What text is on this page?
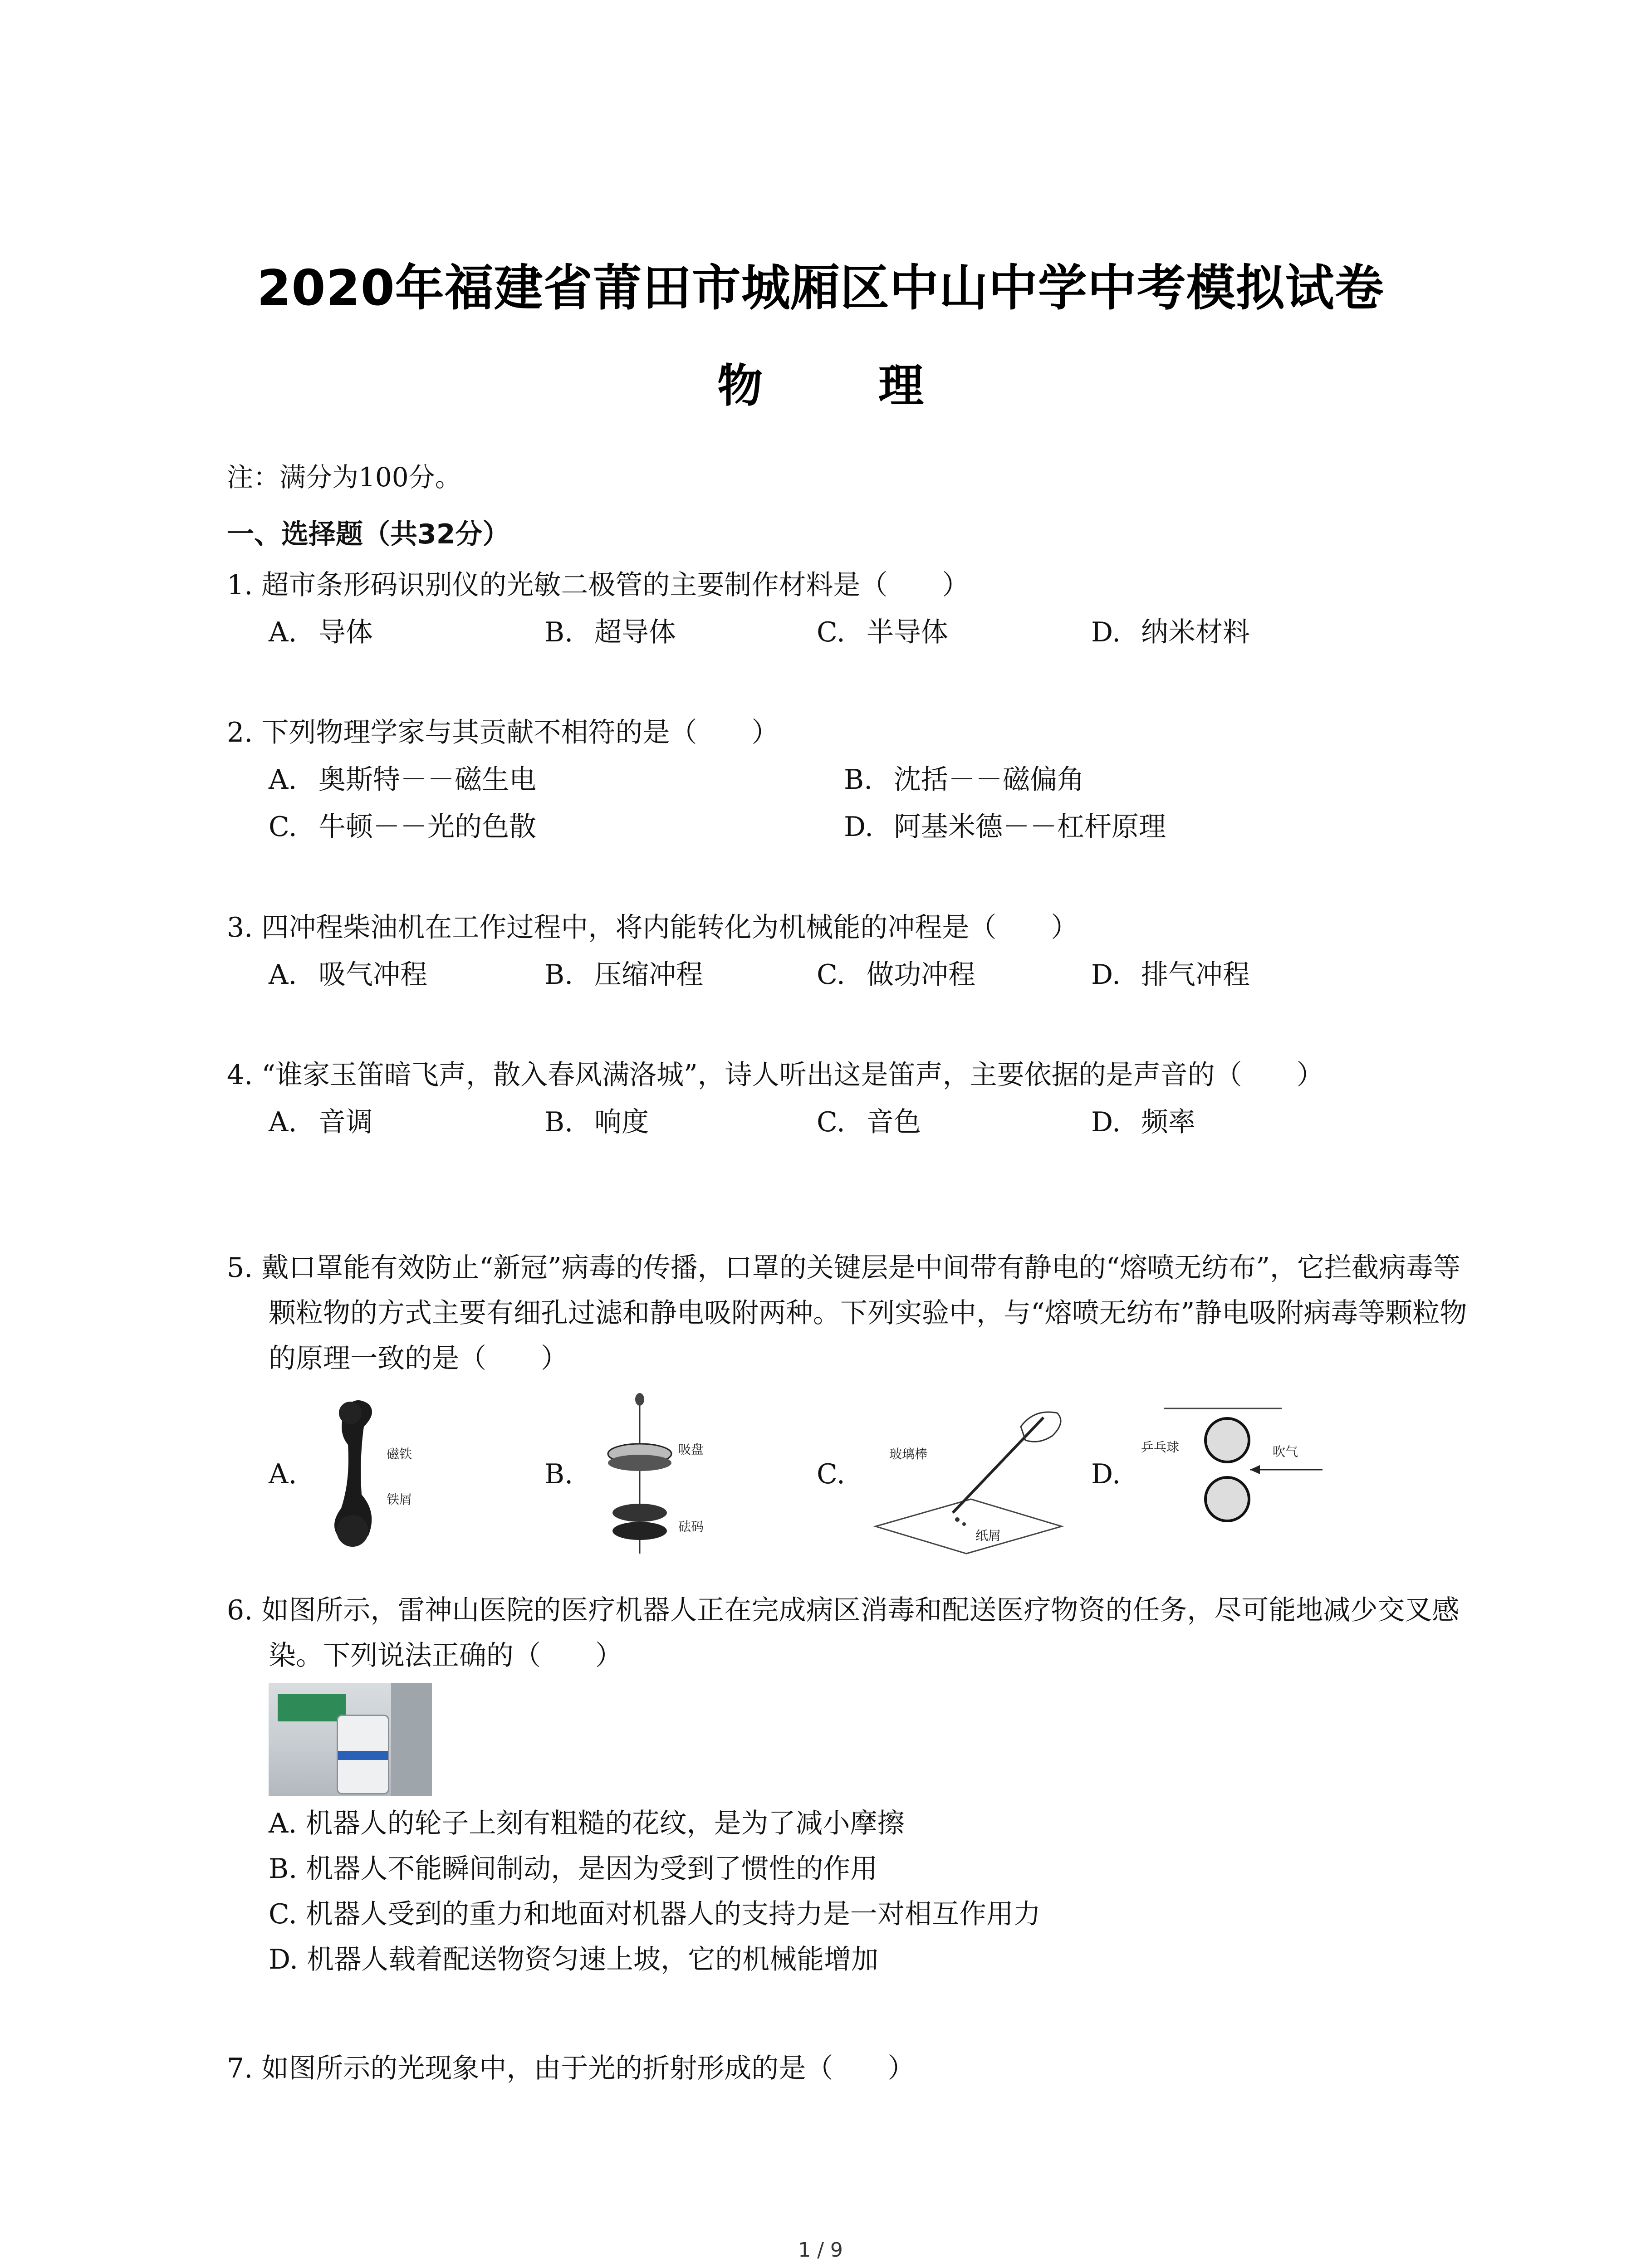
2020年福建省莆田市城厢区中山中学中考模拟试卷
物 理
注：满分为100分。
一、选择题（共32分）
1. 超市条形码识别仪的光敏二极管的主要制作材料是（　　）
A. 导体	B. 超导体	C. 半导体	D. 纳米材料
2. 下列物理学家与其贡献不相符的是（　　）
A. 奥斯特－－磁生电	B. 沈括－－磁偏角
C. 牛顿－－光的色散	D. 阿基米德－－杠杆原理
3. 四冲程柴油机在工作过程中，将内能转化为机械能的冲程是（　　）
A. 吸气冲程	B. 压缩冲程	C. 做功冲程	D. 排气冲程
4. “谁家玉笛暗飞声，散入春风满洛城”，诗人听出这是笛声，主要依据的是声音的（　　）
A. 音调	B. 响度	C. 音色	D. 频率
5. 戴口罩能有效防止“新冠”病毒的传播，口罩的关键层是中间带有静电的“熔喷无纺布”，它拦截病毒等颗粒物的方式主要有细孔过滤和静电吸附两种。下列实验中，与“熔喷无纺布”静电吸附病毒等颗粒物的原理一致的是（　　）
A.
磁铁
铁屑
B.
吸盘
砝码
C.
玻璃棒
纸屑
D.
乒乓球	吹气
6. 如图所示，雷神山医院的医疗机器人正在完成病区消毒和配送医疗物资的任务，尽可能地减少交叉感染。下列说法正确的（　　）
A. 机器人的轮子上刻有粗糙的花纹，是为了减小摩擦
B. 机器人不能瞬间制动，是因为受到了惯性的作用
C. 机器人受到的重力和地面对机器人的支持力是一对相互作用力
D. 机器人载着配送物资匀速上坡，它的机械能增加
7. 如图所示的光现象中，由于光的折射形成的是（　　）
1 / 9
